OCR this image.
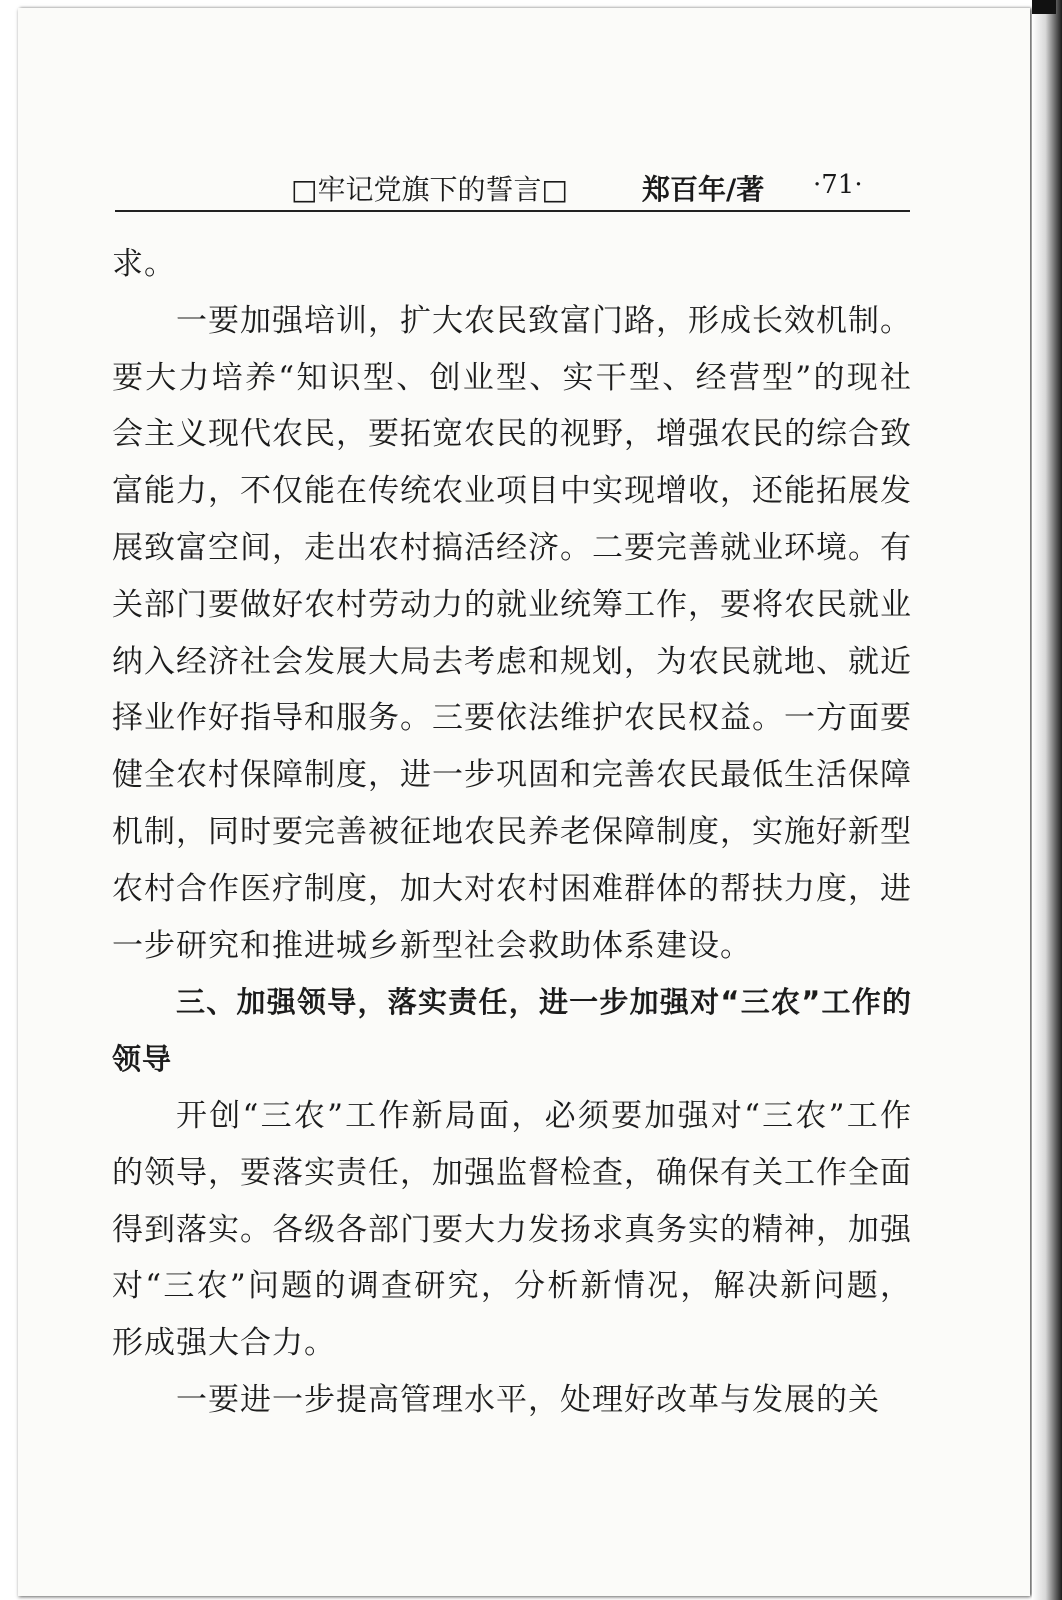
□牢记党旗下的誓言□	郑百年/著 ·71·

求。

一要加强培训，扩大农民致富门路，形成长效机制。要大力培养“知识型、创业型、实干型、经营型”的现社会主义现代农民，要拓宽农民的视野，增强农民的综合致富能力，不仅能在传统农业项目中实现增收，还能拓展发展致富空间，走出农村搞活经济。二要完善就业环境。有关部门要做好农村劳动力的就业统筹工作，要将农民就业纳入经济社会发展大局去考虑和规划，为农民就地、就近择业作好指导和服务。三要依法维护农民权益。一方面要健全农村保障制度，进一步巩固和完善农民最低生活保障机制，同时要完善被征地农民养老保障制度，实施好新型农村合作医疗制度，加大对农村困难群体的帮扶力度，进一步研究和推进城乡新型社会救助体系建设。

三、加强领导，落实责任，进一步加强对“三农”工作的领导

开创“三农”工作新局面，必须要加强对“三农”工作的领导，要落实责任，加强监督检查，确保有关工作全面得到落实。各级各部门要大力发扬求真务实的精神，加强对“三农”问题的调查研究，分析新情况，解决新问题，形成强大合力。

一要进一步提高管理水平，处理好改革与发展的关
